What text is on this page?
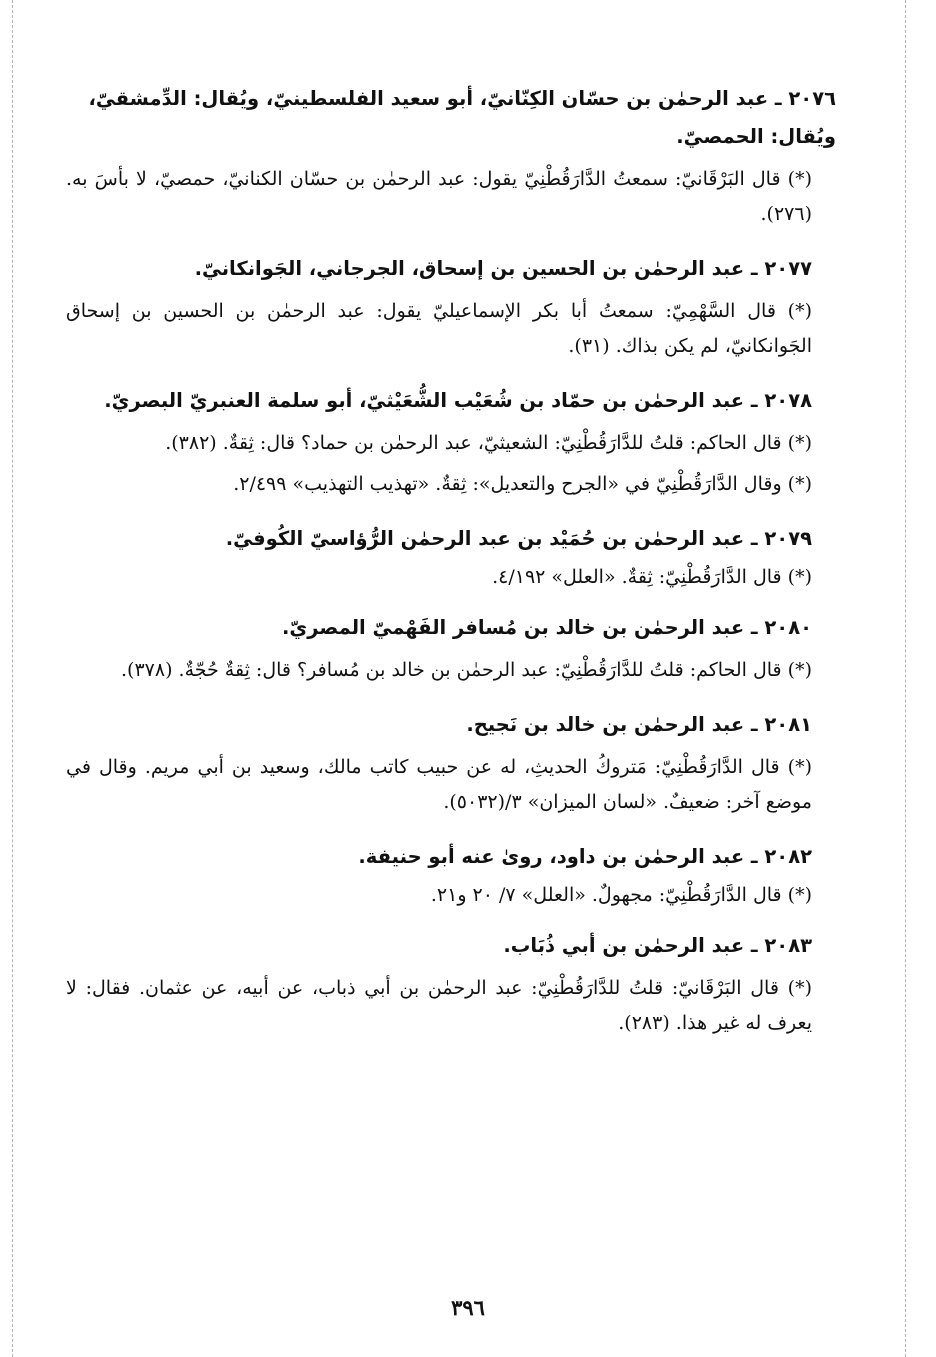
٢٠٧٦ ـ عبد الرحمٰن بن حسّان الكِنّانيّ، أبو سعيد الفلسطينيّ، ويُقال: الدِّمشقيّ، ويُقال: الحمصيّ.

(*) قال البَرْقَانيّ: سمعتُ الدَّارَقُطْنِيّ يقول: عبد الرحمٰن بن حسّان الكنانيّ، حمصيّ، لا بأسَ به. (٢٧٦).

٢٠٧٧ ـ عبد الرحمٰن بن الحسين بن إسحاق، الجرجاني، الجَوانكانيّ.

(*) قال السَّهْمِيّ: سمعتُ أبا بكر الإسماعيليّ يقول: عبد الرحمٰن بن الحسين بن إسحاق الجَوانكانيّ، لم يكن بذاك. (٣١).

٢٠٧٨ ـ عبد الرحمٰن بن حمّاد بن شُعَيْب الشُّعَيْثيّ، أبو سلمة العنبريّ البصريّ.

(*) قال الحاكم: قلتُ للدَّارَقُطْنِيّ: الشعيثيّ، عبد الرحمٰن بن حماد؟ قال: ثِقةٌ. (٣٨٢).

(*) وقال الدَّارَقُطْنِيّ في «الجرح والتعديل»: ثِقةٌ. «تهذيب التهذيب» ٢/٤٩٩.

٢٠٧٩ ـ عبد الرحمٰن بن حُمَيْد بن عبد الرحمٰن الرُّؤاسيّ الكُوفيّ.

(*) قال الدَّارَقُطْنِيّ: ثِقةٌ. «العلل» ٤/١٩٢.

٢٠٨٠ ـ عبد الرحمٰن بن خالد بن مُسافر الفَهْميّ المصريّ.

(*) قال الحاكم: قلتُ للدَّارَقُطْنِيّ: عبد الرحمٰن بن خالد بن مُسافر؟ قال: ثِقةٌ حُجّةٌ. (٣٧٨).

٢٠٨١ ـ عبد الرحمٰن بن خالد بن نَجيح.

(*) قال الدَّارَقُطْنِيّ: مَتروكُ الحديثِ، له عن حبيب كاتب مالك، وسعيد بن أبي مريم. وقال في موضع آخر: ضعيفٌ. «لسان الميزان» ٣/(٥٠٣٢).

٢٠٨٢ ـ عبد الرحمٰن بن داود، روىٰ عنه أبو حنيفة.

(*) قال الدَّارَقُطْنِيّ: مجهولٌ. «العلل» ٧/ ٢٠ و٢١.

٢٠٨٣ ـ عبد الرحمٰن بن أبي ذُبَاب.

(*) قال البَرْقَانيّ: قلتُ للدَّارَقُطْنِيّ: عبد الرحمٰن بن أبي ذباب، عن أبيه، عن عثمان. فقال: لا يعرف له غير هذا. (٢٨٣).

٣٩٦
